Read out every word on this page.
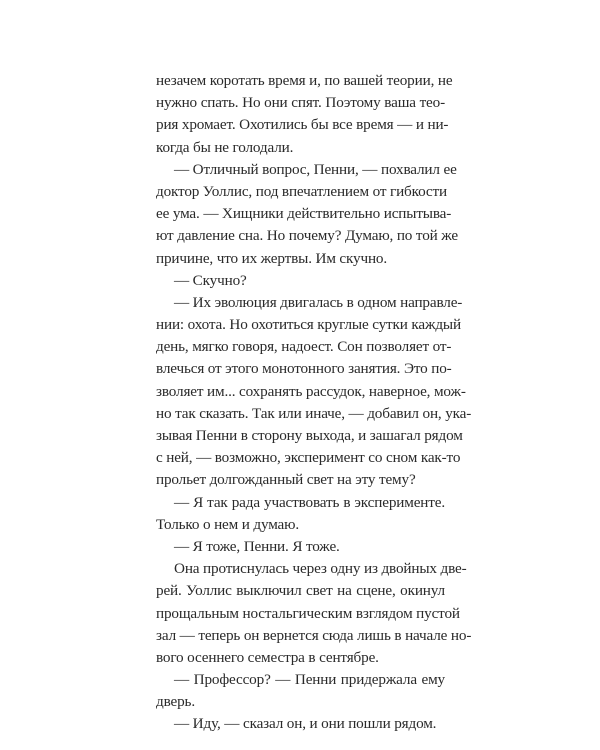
незачем коротать время и, по вашей теории, не
нужно спать. Но они спят. Поэтому ваша тео-
рия хромает. Охотились бы все время — и ни-
когда бы не голодали.
— Отличный вопрос, Пенни, — похвалил ее
доктор Уоллис, под впечатлением от гибкости
ее ума. — Хищники действительно испытыва-
ют давление сна. Но почему? Думаю, по той же
причине, что их жертвы. Им скучно.
— Скучно?
— Их эволюция двигалась в одном направле-
нии: охота. Но охотиться круглые сутки каждый
день, мягко говоря, надоест. Сон позволяет от-
влечься от этого монотонного занятия. Это по-
зволяет им... сохранять рассудок, наверное, мож-
но так сказать. Так или иначе, — добавил он, ука-
зывая Пенни в сторону выхода, и зашагал рядом
с ней, — возможно, эксперимент со сном как-то
прольет долгожданный свет на эту тему?
— Я так рада участвовать в эксперименте.
Только о нем и думаю.
— Я тоже, Пенни. Я тоже.
Она протиснулась через одну из двойных две-
рей. Уоллис выключил свет на сцене, окинул
прощальным ностальгическим взглядом пустой
зал — теперь он вернется сюда лишь в начале но-
вого осеннего семестра в сентябре.
— Профессор? — Пенни придержала ему
дверь.
— Иду, — сказал он, и они пошли рядом.
